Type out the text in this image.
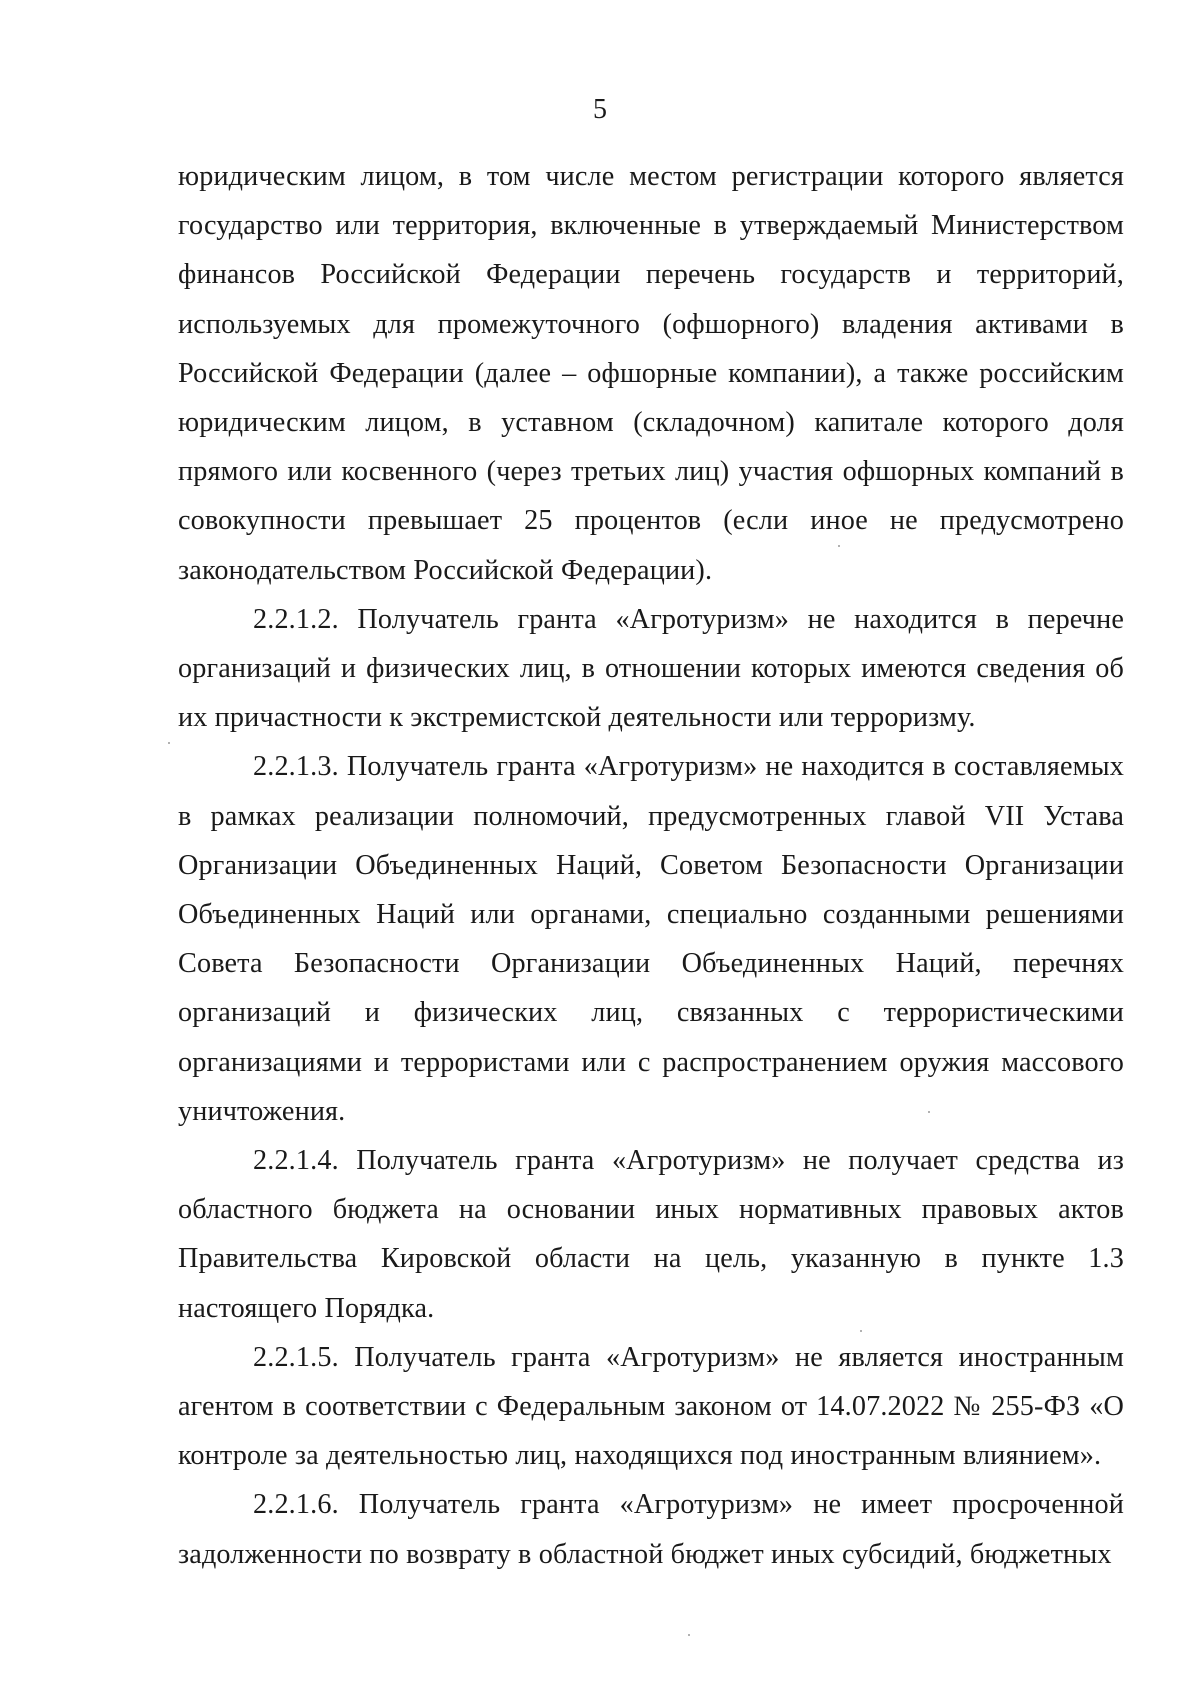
5

юридическим лицом, в том числе местом регистрации которого является государство или территория, включенные в утверждаемый Министерством финансов Российской Федерации перечень государств и территорий, используемых для промежуточного (офшорного) владения активами в Российской Федерации (далее – офшорные компании), а также российским юридическим лицом, в уставном (складочном) капитале которого доля прямого или косвенного (через третьих лиц) участия офшорных компаний в совокупности превышает 25 процентов (если иное не предусмотрено законодательством Российской Федерации).

2.2.1.2. Получатель гранта «Агротуризм» не находится в перечне организаций и физических лиц, в отношении которых имеются сведения об их причастности к экстремистской деятельности или терроризму.

2.2.1.3. Получатель гранта «Агротуризм» не находится в составляемых в рамках реализации полномочий, предусмотренных главой VII Устава Организации Объединенных Наций, Советом Безопасности Организации Объединенных Наций или органами, специально созданными решениями Совета Безопасности Организации Объединенных Наций, перечнях организаций и физических лиц, связанных с террористическими организациями и террористами или с распространением оружия массового уничтожения.

2.2.1.4. Получатель гранта «Агротуризм» не получает средства из областного бюджета на основании иных нормативных правовых актов Правительства Кировской области на цель, указанную в пункте 1.3 настоящего Порядка.

2.2.1.5. Получатель гранта «Агротуризм» не является иностранным агентом в соответствии с Федеральным законом от 14.07.2022 № 255-ФЗ «О контроле за деятельностью лиц, находящихся под иностранным влиянием».

2.2.1.6. Получатель гранта «Агротуризм» не имеет просроченной задолженности по возврату в областной бюджет иных субсидий, бюджетных
